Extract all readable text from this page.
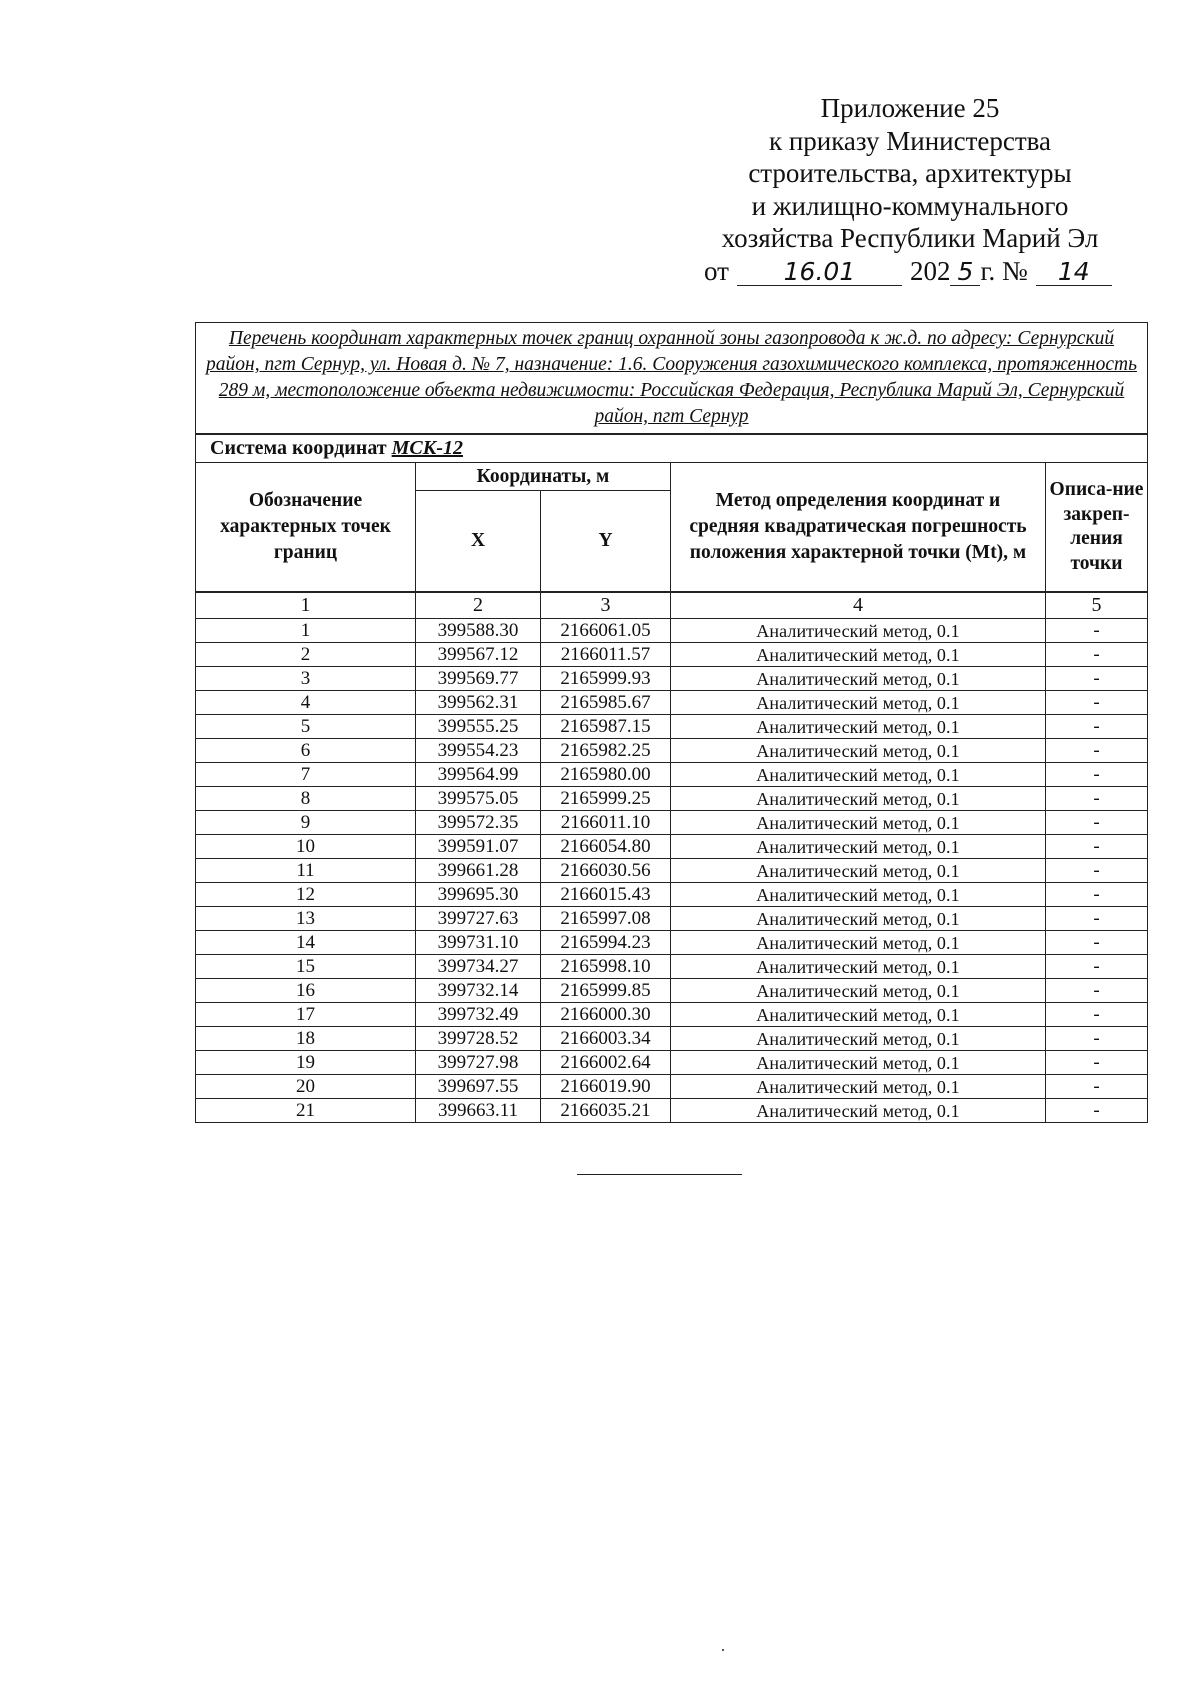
Приложение 25
к приказу Министерства
строительства, архитектуры
и жилищно-коммунального
хозяйства Республики Марий Эл
от 16.01 202 5 г. № 14
Перечень координат характерных точек границ охранной зоны газопровода к ж.д. по адресу: Сернурский район, пгт Сернур, ул. Новая д. № 7, назначение: 1.6. Сооружения газохимического комплекса, протяженность 289 м, местоположение объекта недвижимости: Российская Федерация, Республика Марий Эл, Сернурский район, пгт Сернур				
Система координат МСК-12				
Обозначение характерных точек границ	Координаты, м		Метод определения координат и средняя квадратическая погрешность положения характерной точки (Mt), м	Описа-ние закреп-ления точки
	X	Y		
1	2	3	4	5
1	399588.30	2166061.05	Аналитический метод, 0.1	-
2	399567.12	2166011.57	Аналитический метод, 0.1	-
3	399569.77	2165999.93	Аналитический метод, 0.1	-
4	399562.31	2165985.67	Аналитический метод, 0.1	-
5	399555.25	2165987.15	Аналитический метод, 0.1	-
6	399554.23	2165982.25	Аналитический метод, 0.1	-
7	399564.99	2165980.00	Аналитический метод, 0.1	-
8	399575.05	2165999.25	Аналитический метод, 0.1	-
9	399572.35	2166011.10	Аналитический метод, 0.1	-
10	399591.07	2166054.80	Аналитический метод, 0.1	-
11	399661.28	2166030.56	Аналитический метод, 0.1	-
12	399695.30	2166015.43	Аналитический метод, 0.1	-
13	399727.63	2165997.08	Аналитический метод, 0.1	-
14	399731.10	2165994.23	Аналитический метод, 0.1	-
15	399734.27	2165998.10	Аналитический метод, 0.1	-
16	399732.14	2165999.85	Аналитический метод, 0.1	-
17	399732.49	2166000.30	Аналитический метод, 0.1	-
18	399728.52	2166003.34	Аналитический метод, 0.1	-
19	399727.98	2166002.64	Аналитический метод, 0.1	-
20	399697.55	2166019.90	Аналитический метод, 0.1	-
21	399663.11	2166035.21	Аналитический метод, 0.1	-
